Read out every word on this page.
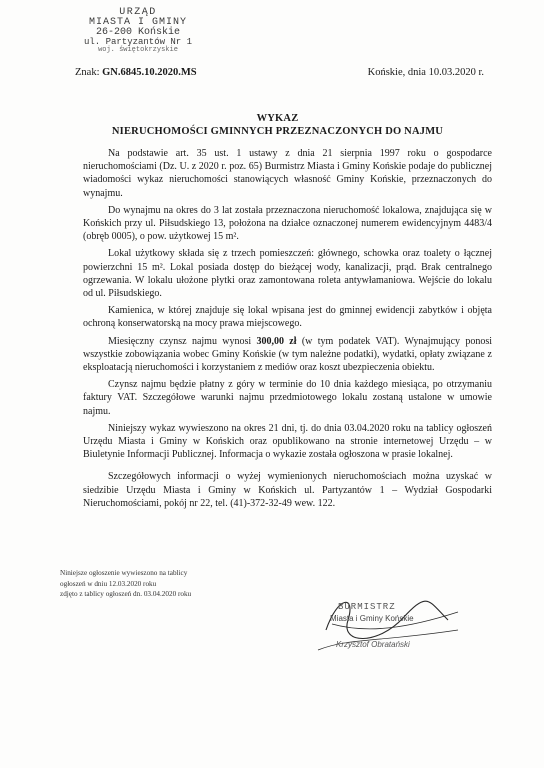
URZĄD
MIASTA I GMINY
26-200 Końskie
ul. Partyzantów Nr 1
woj. świętokrzyskie
Znak: GN.6845.10.2020.MS	Końskie, dnia 10.03.2020 r.
WYKAZ
NIERUCHOMOŚCI GMINNYCH PRZEZNACZONYCH DO NAJMU

Na podstawie art. 35 ust. 1 ustawy z dnia 21 sierpnia 1997 roku o gospodarce nieruchomościami (Dz. U. z 2020 r. poz. 65) Burmistrz Miasta i Gminy Końskie podaje do publicznej wiadomości wykaz nieruchomości stanowiących własność Gminy Końskie, przeznaczonych do wynajmu.

Do wynajmu na okres do 3 lat została przeznaczona nieruchomość lokalowa, znajdująca się w Końskich przy ul. Piłsudskiego 13, położona na działce oznaczonej numerem ewidencyjnym 4483/4 (obręb 0005), o pow. użytkowej 15 m².

Lokal użytkowy składa się z trzech pomieszczeń: głównego, schowka oraz toalety o łącznej powierzchni 15 m². Lokal posiada dostęp do bieżącej wody, kanalizacji, prąd. Brak centralnego ogrzewania. W lokalu ułożone płytki oraz zamontowana roleta antywłamaniowa. Wejście do lokalu od ul. Piłsudskiego.

Kamienica, w której znajduje się lokal wpisana jest do gminnej ewidencji zabytków i objęta ochroną konserwatorską na mocy prawa miejscowego.

Miesięczny czynsz najmu wynosi 300,00 zł (w tym podatek VAT). Wynajmujący ponosi wszystkie zobowiązania wobec Gminy Końskie (w tym należne podatki), wydatki, opłaty związane z eksploatacją nieruchomości i korzystaniem z mediów oraz koszt ubezpieczenia obiektu.

Czynsz najmu będzie płatny z góry w terminie do 10 dnia każdego miesiąca, po otrzymaniu faktury VAT. Szczegółowe warunki najmu przedmiotowego lokalu zostaną ustalone w umowie najmu.

Niniejszy wykaz wywieszono na okres 21 dni, tj. do dnia 03.04.2020 roku na tablicy ogłoszeń Urzędu Miasta i Gminy w Końskich oraz opublikowano na stronie internetowej Urzędu – w Biuletynie Informacji Publicznej. Informacja o wykazie została ogłoszona w prasie lokalnej.

Szczegółowych informacji o wyżej wymienionych nieruchomościach można uzyskać w siedzibie Urzędu Miasta i Gminy w Końskich ul. Partyzantów 1 – Wydział Gospodarki Nieruchomościami, pokój nr 22, tel. (41)-372-32-49 wew. 122.

Niniejsze ogłoszenie wywieszono na tablicy
ogłoszeń w dniu 12.03.2020 roku
zdjęto z tablicy ogłoszeń dn. 03.04.2020 roku
BURMISTRZ
Miasta i Gminy Końskie
Krzysztof Obratański
